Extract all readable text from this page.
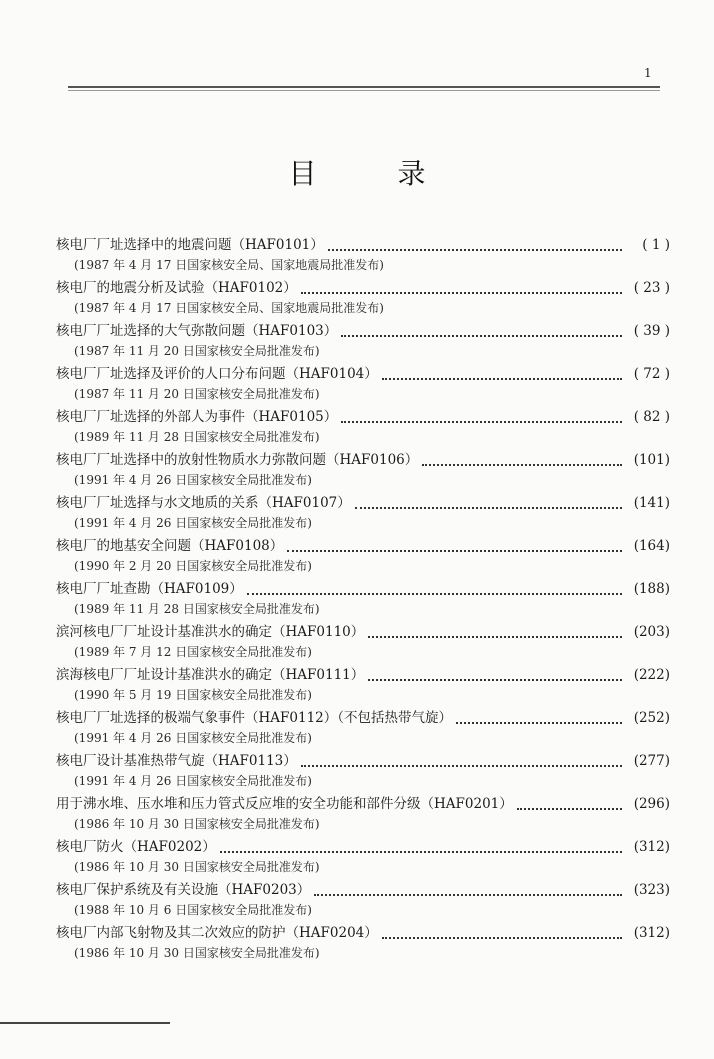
1
目 录
核电厂厂址选择中的地震问题（HAF0101）	( 1 )
(1987 年 4 月 17 日国家核安全局、国家地震局批准发布)
核电厂的地震分析及试验（HAF0102）	( 23 )
(1987 年 4 月 17 日国家核安全局、国家地震局批准发布)
核电厂厂址选择的大气弥散问题（HAF0103）	( 39 )
(1987 年 11 月 20 日国家核安全局批准发布)
核电厂厂址选择及评价的人口分布问题（HAF0104）	( 72 )
(1987 年 11 月 20 日国家核安全局批准发布)
核电厂厂址选择的外部人为事件（HAF0105）	( 82 )
(1989 年 11 月 28 日国家核安全局批准发布)
核电厂厂址选择中的放射性物质水力弥散问题（HAF0106）	(101)
(1991 年 4 月 26 日国家核安全局批准发布)
核电厂厂址选择与水文地质的关系（HAF0107）	(141)
(1991 年 4 月 26 日国家核安全局批准发布)
核电厂的地基安全问题（HAF0108）	(164)
(1990 年 2 月 20 日国家核安全局批准发布)
核电厂厂址查勘（HAF0109）	(188)
(1989 年 11 月 28 日国家核安全局批准发布)
滨河核电厂厂址设计基准洪水的确定（HAF0110）	(203)
(1989 年 7 月 12 日国家核安全局批准发布)
滨海核电厂厂址设计基准洪水的确定（HAF0111）	(222)
(1990 年 5 月 19 日国家核安全局批准发布)
核电厂厂址选择的极端气象事件（HAF0112）（不包括热带气旋）	(252)
(1991 年 4 月 26 日国家核安全局批准发布)
核电厂设计基准热带气旋（HAF0113）	(277)
(1991 年 4 月 26 日国家核安全局批准发布)
用于沸水堆、压水堆和压力管式反应堆的安全功能和部件分级（HAF0201）	(296)
(1986 年 10 月 30 日国家核安全局批准发布)
核电厂防火（HAF0202）	(312)
(1986 年 10 月 30 日国家核安全局批准发布)
核电厂保护系统及有关设施（HAF0203）	(323)
(1988 年 10 月 6 日国家核安全局批准发布)
核电厂内部飞射物及其二次效应的防护（HAF0204）	(312)
(1986 年 10 月 30 日国家核安全局批准发布)
